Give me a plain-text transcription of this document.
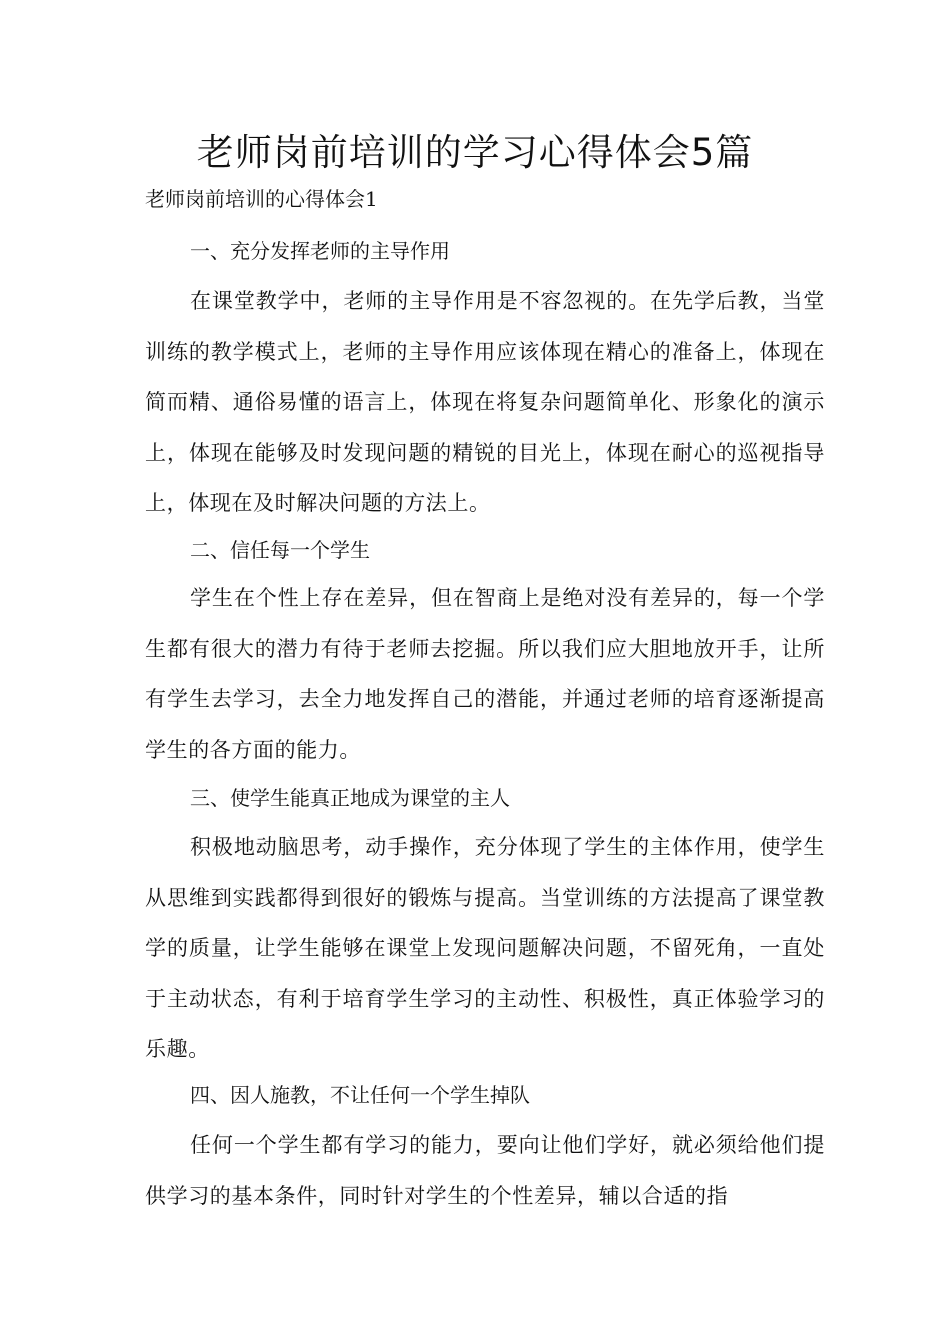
老师岗前培训的学习心得体会5篇
老师岗前培训的心得体会1
一、充分发挥老师的主导作用

在课堂教学中，老师的主导作用是不容忽视的。在先学后教，当堂训练的教学模式上，老师的主导作用应该体现在精心的准备上，体现在简而精、通俗易懂的语言上，体现在将复杂问题简单化、形象化的演示上，体现在能够及时发现问题的精锐的目光上，体现在耐心的巡视指导上，体现在及时解决问题的方法上。

二、信任每一个学生

学生在个性上存在差异，但在智商上是绝对没有差异的，每一个学生都有很大的潜力有待于老师去挖掘。所以我们应大胆地放开手，让所有学生去学习，去全力地发挥自己的潜能，并通过老师的培育逐渐提高学生的各方面的能力。

三、使学生能真正地成为课堂的主人

积极地动脑思考，动手操作，充分体现了学生的主体作用，使学生从思维到实践都得到很好的锻炼与提高。当堂训练的方法提高了课堂教学的质量，让学生能够在课堂上发现问题解决问题，不留死角，一直处于主动状态，有利于培育学生学习的主动性、积极性，真正体验学习的乐趣。

四、因人施教，不让任何一个学生掉队

任何一个学生都有学习的能力，要向让他们学好，就必须给他们提供学习的基本条件，同时针对学生的个性差异，辅以合适的指
